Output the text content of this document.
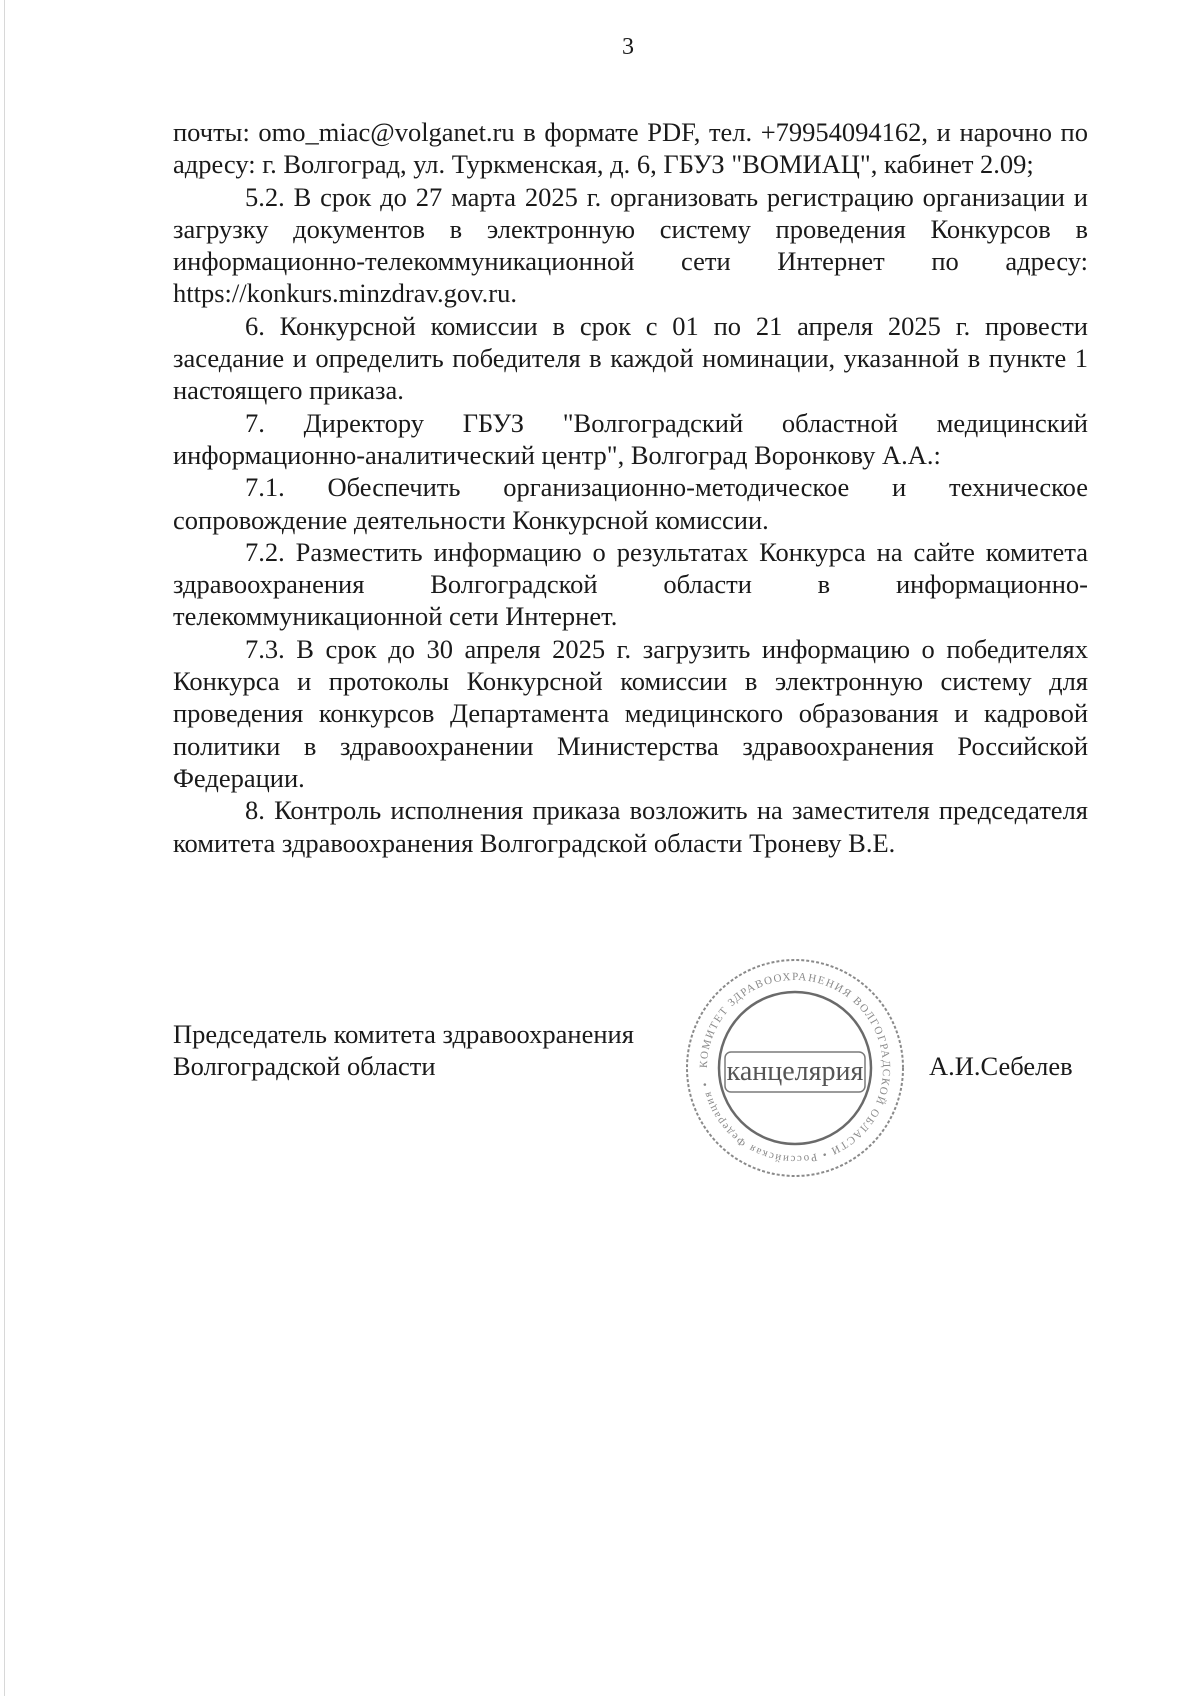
3

почты: omo_miac@volganet.ru в формате PDF, тел. +79954094162, и нарочно по адресу: г. Волгоград, ул. Туркменская, д. 6, ГБУЗ "ВОМИАЦ", кабинет 2.09;

5.2. В срок до 27 марта 2025 г. организовать регистрацию организации и загрузку документов в электронную систему проведения Конкурсов в информационно-телекоммуникационной сети Интернет по адресу: https://konkurs.minzdrav.gov.ru.

6. Конкурсной комиссии в срок с 01 по 21 апреля 2025 г. провести заседание и определить победителя в каждой номинации, указанной в пункте 1 настоящего приказа.

7. Директору ГБУЗ "Волгоградский областной медицинский информационно-аналитический центр", Волгоград Воронкову А.А.:

7.1. Обеспечить организационно-методическое и техническое сопровождение деятельности Конкурсной комиссии.

7.2. Разместить информацию о результатах Конкурса на сайте комитета здравоохранения Волгоградской области в информационно-телекоммуникационной сети Интернет.

7.3. В срок до 30 апреля 2025 г. загрузить информацию о победителях Конкурса и протоколы Конкурсной комиссии в электронную систему для проведения конкурсов Департамента медицинского образования и кадровой политики в здравоохранении Министерства здравоохранения Российской Федерации.

8. Контроль исполнения приказа возложить на заместителя председателя комитета здравоохранения Волгоградской области Троневу В.Е.

Председатель комитета здравоохранения
Волгоградской области	КОМИТЕТ ЗДРАВООХРАНЕНИЯ ВОЛГОГРАДСКОЙ ОБЛАСТИ • Российская Федерация • канцелярия А.И.Себелев
